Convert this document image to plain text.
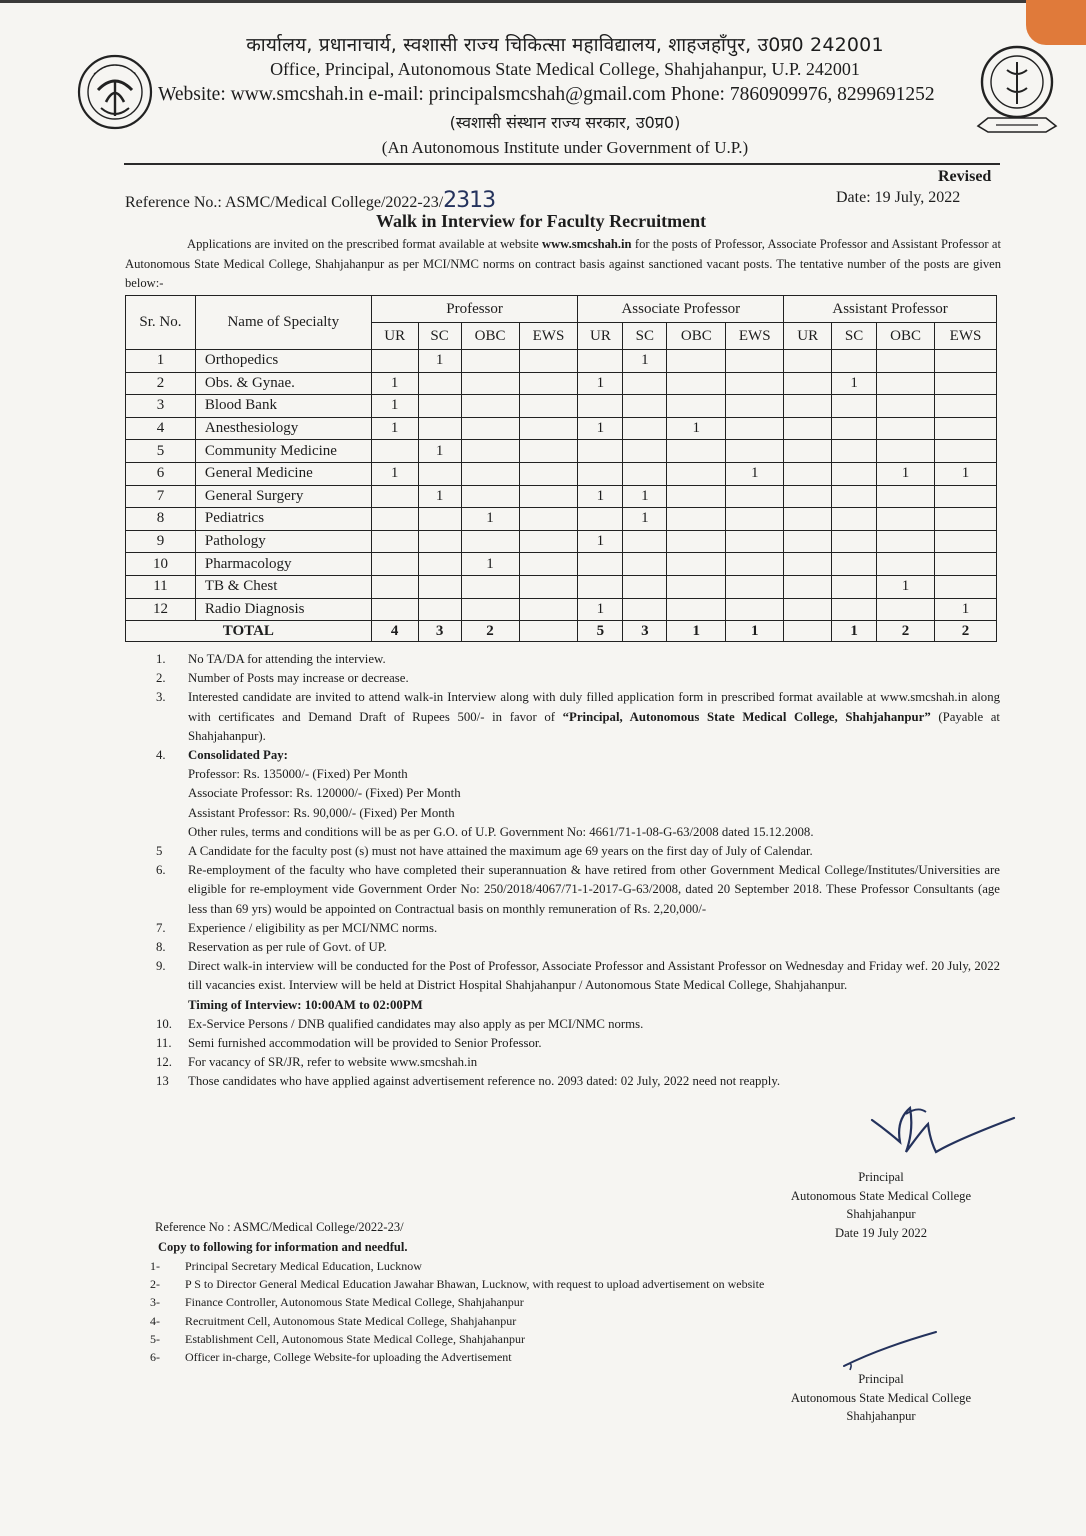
कार्यालय, प्रधानाचार्य, स्वशासी राज्य चिकित्सा महाविद्यालय, शाहजहाँपुर, उ0प्र0 242001
Office, Principal, Autonomous State Medical College, Shahjahanpur, U.P. 242001
Website: www.smcshah.in e-mail: principalsmcshah@gmail.com Phone: 7860909976, 8299691252
(स्वशासी संस्थान राज्य सरकार, उ0प्र0)
(An Autonomous Institute under Government of U.P.)
Revised
Reference No.: ASMC/Medical College/2022-23/2313	Date: 19 July, 2022
Walk in Interview for Faculty Recruitment
Applications are invited on the prescribed format available at website www.smcshah.in for the posts of Professor, Associate Professor and Assistant Professor at Autonomous State Medical College, Shahjahanpur as per MCI/NMC norms on contract basis against sanctioned vacant posts. The tentative number of the posts are given below:-
Sr. No.	Name of Specialty	Professor				Associate Professor				Assistant Professor			
		UR	SC	OBC	EWS	UR	SC	OBC	EWS	UR	SC	OBC	EWS
1	Orthopedics		1				1						
2	Obs. & Gynae.	1				1					1		
3	Blood Bank	1											
4	Anesthesiology	1				1		1					
5	Community Medicine		1										
6	General Medicine	1							1			1	1
7	General Surgery		1			1	1						
8	Pediatrics			1			1						
9	Pathology					1							
10	Pharmacology			1									
11	TB & Chest											1	
12	Radio Diagnosis					1							1
TOTAL		4	3	2		5	3	1	1		1	2	2
1. No TA/DA for attending the interview.
2. Number of Posts may increase or decrease.
3. Interested candidate are invited to attend walk-in Interview along with duly filled application form in prescribed format available at www.smcshah.in along with certificates and Demand Draft of Rupees 500/- in favor of “Principal, Autonomous State Medical College, Shahjahanpur” (Payable at Shahjahanpur).
4. Consolidated Pay:
Professor: Rs. 135000/- (Fixed) Per Month
Associate Professor: Rs. 120000/- (Fixed) Per Month
Assistant Professor: Rs. 90,000/- (Fixed) Per Month
Other rules, terms and conditions will be as per G.O. of U.P. Government No: 4661/71-1-08-G-63/2008 dated 15.12.2008.
5 A Candidate for the faculty post (s) must not have attained the maximum age 69 years on the first day of July of Calendar.
6. Re-employment of the faculty who have completed their superannuation & have retired from other Government Medical College/Institutes/Universities are eligible for re-employment vide Government Order No: 250/2018/4067/71-1-2017-G-63/2008, dated 20 September 2018. These Professor Consultants (age less than 69 yrs) would be appointed on Contractual basis on monthly remuneration of Rs. 2,20,000/-
7. Experience / eligibility as per MCI/NMC norms.
8. Reservation as per rule of Govt. of UP.
9. Direct walk-in interview will be conducted for the Post of Professor, Associate Professor and Assistant Professor on Wednesday and Friday wef. 20 July, 2022 till vacancies exist. Interview will be held at District Hospital Shahjahanpur / Autonomous State Medical College, Shahjahanpur.
Timing of Interview: 10:00AM to 02:00PM
10. Ex-Service Persons / DNB qualified candidates may also apply as per MCI/NMC norms.
11. Semi furnished accommodation will be provided to Senior Professor.
12. For vacancy of SR/JR, refer to website www.smcshah.in
13 Those candidates who have applied against advertisement reference no. 2093 dated: 02 July, 2022 need not reapply.
Principal
Autonomous State Medical College
Shahjahanpur
Date 19 July 2022
Reference No : ASMC/Medical College/2022-23/
Copy to following for information and needful.
1- Principal Secretary Medical Education, Lucknow
2- P S to Director General Medical Education Jawahar Bhawan, Lucknow, with request to upload advertisement on website
3- Finance Controller, Autonomous State Medical College, Shahjahanpur
4- Recruitment Cell, Autonomous State Medical College, Shahjahanpur
5- Establishment Cell, Autonomous State Medical College, Shahjahanpur
6- Officer in-charge, College Website-for uploading the Advertisement
Principal
Autonomous State Medical College
Shahjahanpur
